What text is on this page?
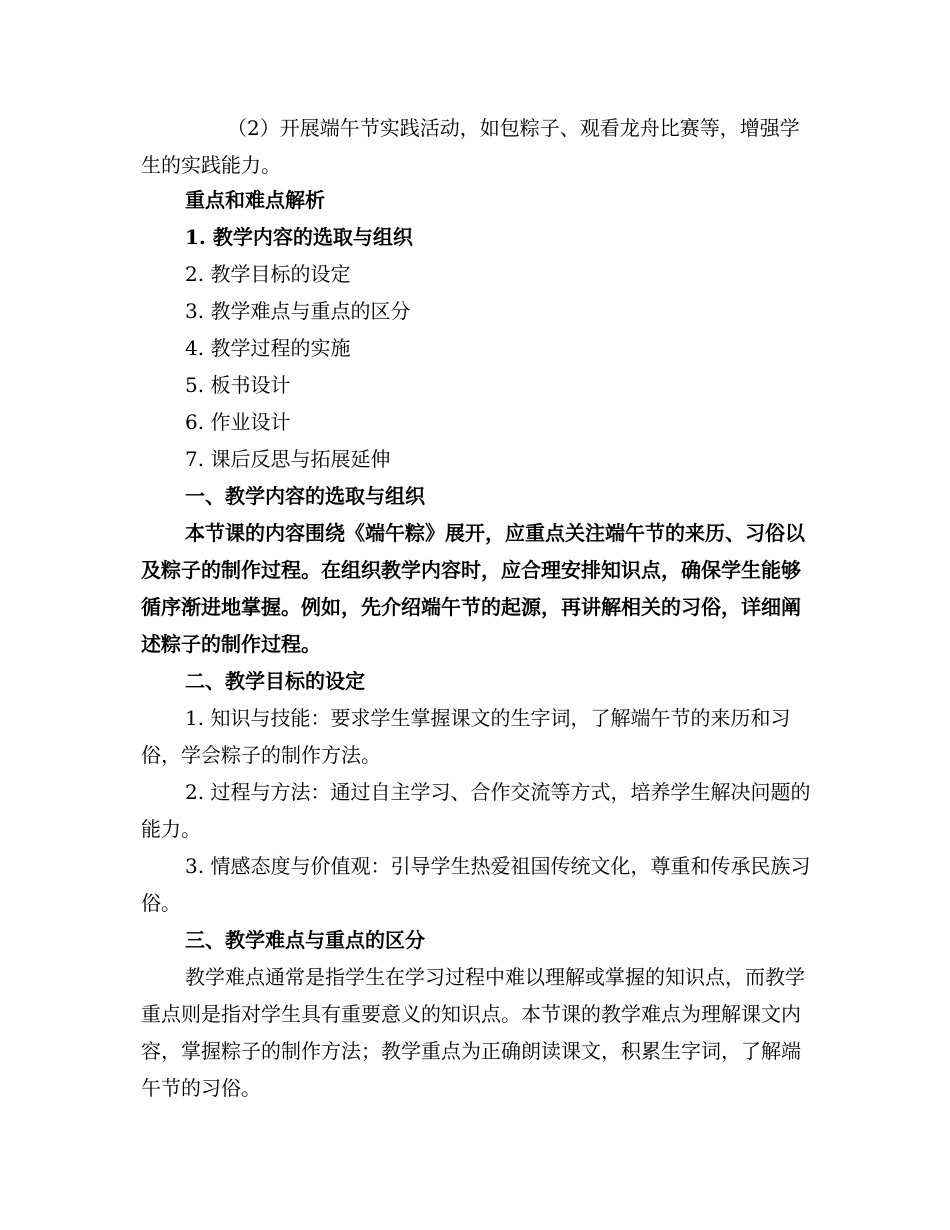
（2）开展端午节实践活动，如包粽子、观看龙舟比赛等，增强学生的实践能力。

重点和难点解析

1. 教学内容的选取与组织

2. 教学目标的设定

3. 教学难点与重点的区分

4. 教学过程的实施

5. 板书设计

6. 作业设计

7. 课后反思与拓展延伸

一、教学内容的选取与组织

本节课的内容围绕《端午粽》展开，应重点关注端午节的来历、习俗以及粽子的制作过程。在组织教学内容时，应合理安排知识点，确保学生能够循序渐进地掌握。例如，先介绍端午节的起源，再讲解相关的习俗，详细阐述粽子的制作过程。

二、教学目标的设定

1. 知识与技能：要求学生掌握课文的生字词，了解端午节的来历和习俗，学会粽子的制作方法。

2. 过程与方法：通过自主学习、合作交流等方式，培养学生解决问题的能力。

3. 情感态度与价值观：引导学生热爱祖国传统文化，尊重和传承民族习俗。

三、教学难点与重点的区分

教学难点通常是指学生在学习过程中难以理解或掌握的知识点，而教学重点则是指对学生具有重要意义的知识点。本节课的教学难点为理解课文内容，掌握粽子的制作方法；教学重点为正确朗读课文，积累生字词，了解端午节的习俗。
